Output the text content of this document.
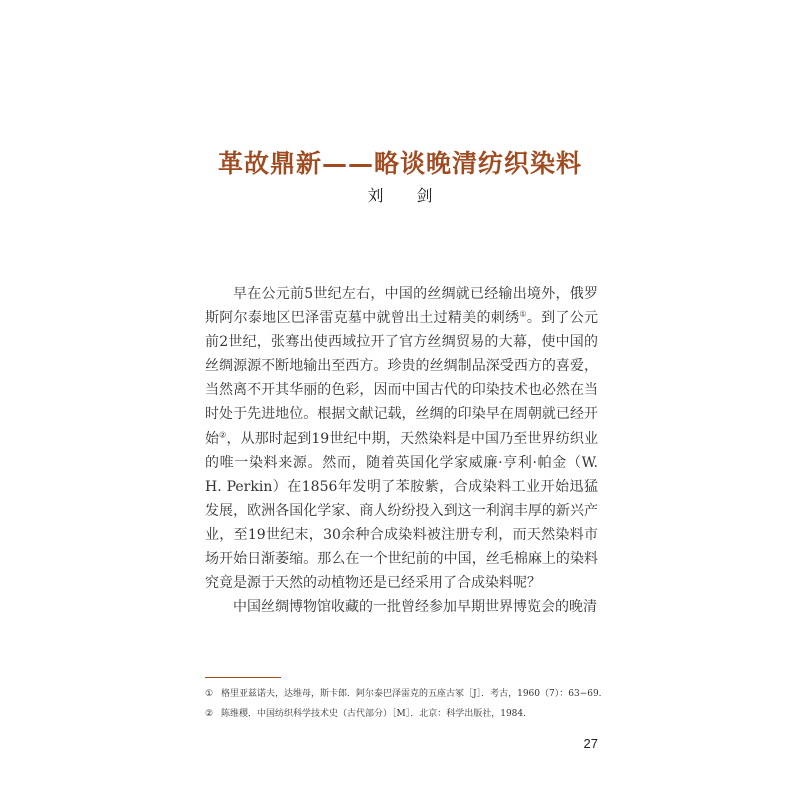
革故鼎新——略谈晚清纺织染料
刘 剑

早在公元前5世纪左右，中国的丝绸就已经输出境外，俄罗斯阿尔泰地区巴泽雷克墓中就曾出土过精美的刺绣①。到了公元前2世纪，张骞出使西域拉开了官方丝绸贸易的大幕，使中国的丝绸源源不断地输出至西方。珍贵的丝绸制品深受西方的喜爱，当然离不开其华丽的色彩，因而中国古代的印染技术也必然在当时处于先进地位。根据文献记载，丝绸的印染早在周朝就已经开始②，从那时起到19世纪中期，天然染料是中国乃至世界纺织业的唯一染料来源。然而，随着英国化学家威廉·亨利·帕金（W. H. Perkin）在1856年发明了苯胺紫，合成染料工业开始迅猛发展，欧洲各国化学家、商人纷纷投入到这一利润丰厚的新兴产业，至19世纪末，30余种合成染料被注册专利，而天然染料市场开始日渐萎缩。那么在一个世纪前的中国，丝毛棉麻上的染料究竟是源于天然的动植物还是已经采用了合成染料呢？

中国丝绸博物馆收藏的一批曾经参加早期世界博览会的晚清

① 格里亚兹诺夫，达维母，斯卡郎．阿尔泰巴泽雷克的五座古冢［J］．考古，1960（7）：63−69.
② 陈维稷．中国纺织科学技术史（古代部分）［M］．北京：科学出版社，1984.
27
